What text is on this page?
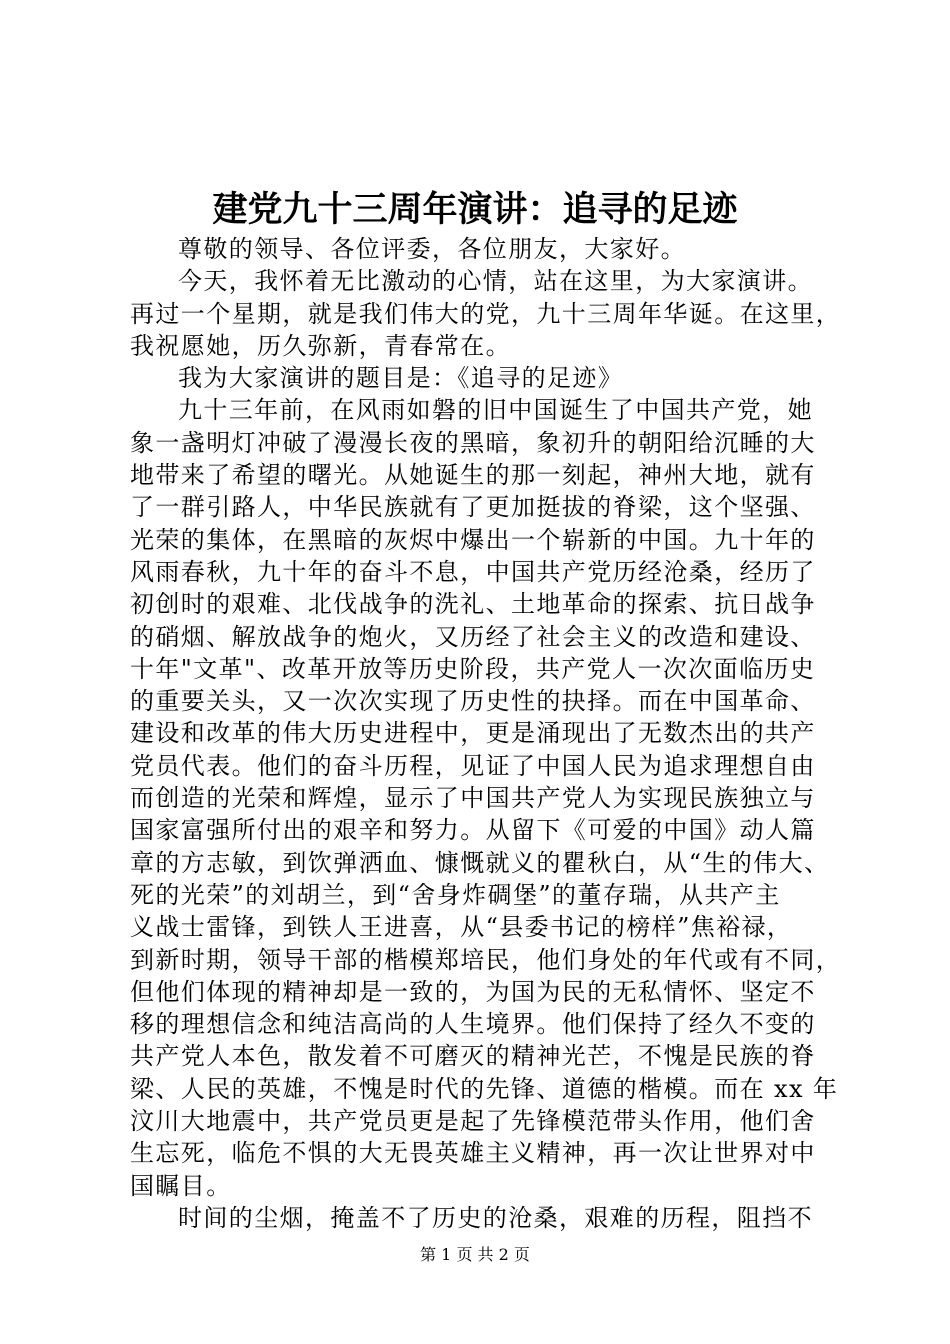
建党九十三周年演讲：追寻的足迹
尊敬的领导、各位评委，各位朋友，大家好。
今天，我怀着无比激动的心情，站在这里，为大家演讲。
再过一个星期，就是我们伟大的党，九十三周年华诞。在这里，
我祝愿她，历久弥新，青春常在。
我为大家演讲的题目是：《追寻的足迹》
九十三年前，在风雨如磐的旧中国诞生了中国共产党，她
象一盏明灯冲破了漫漫长夜的黑暗，象初升的朝阳给沉睡的大
地带来了希望的曙光。从她诞生的那一刻起，神州大地，就有
了一群引路人，中华民族就有了更加挺拔的脊梁，这个坚强、
光荣的集体，在黑暗的灰烬中爆出一个崭新的中国。九十年的
风雨春秋，九十年的奋斗不息，中国共产党历经沧桑，经历了
初创时的艰难、北伐战争的洗礼、土地革命的探索、抗日战争
的硝烟、解放战争的炮火，又历经了社会主义的改造和建设、
十年"文革"、改革开放等历史阶段，共产党人一次次面临历史
的重要关头，又一次次实现了历史性的抉择。而在中国革命、
建设和改革的伟大历史进程中，更是涌现出了无数杰出的共产
党员代表。他们的奋斗历程，见证了中国人民为追求理想自由
而创造的光荣和辉煌，显示了中国共产党人为实现民族独立与
国家富强所付出的艰辛和努力。从留下《可爱的中国》动人篇
章的方志敏，到饮弹洒血、慷慨就义的瞿秋白，从“生的伟大、
死的光荣”的刘胡兰，到“舍身炸碉堡”的董存瑞，从共产主
义战士雷锋，到铁人王进喜，从“县委书记的榜样”焦裕禄，
到新时期，领导干部的楷模郑培民，他们身处的年代或有不同，
但他们体现的精神却是一致的，为国为民的无私情怀、坚定不
移的理想信念和纯洁高尚的人生境界。他们保持了经久不变的
共产党人本色，散发着不可磨灭的精神光芒，不愧是民族的脊
梁、人民的英雄，不愧是时代的先锋、道德的楷模。而在 xx 年
汶川大地震中，共产党员更是起了先锋模范带头作用，他们舍
生忘死，临危不惧的大无畏英雄主义精神，再一次让世界对中
国瞩目。
时间的尘烟，掩盖不了历史的沧桑，艰难的历程，阻挡不
第 1 页 共 2 页
